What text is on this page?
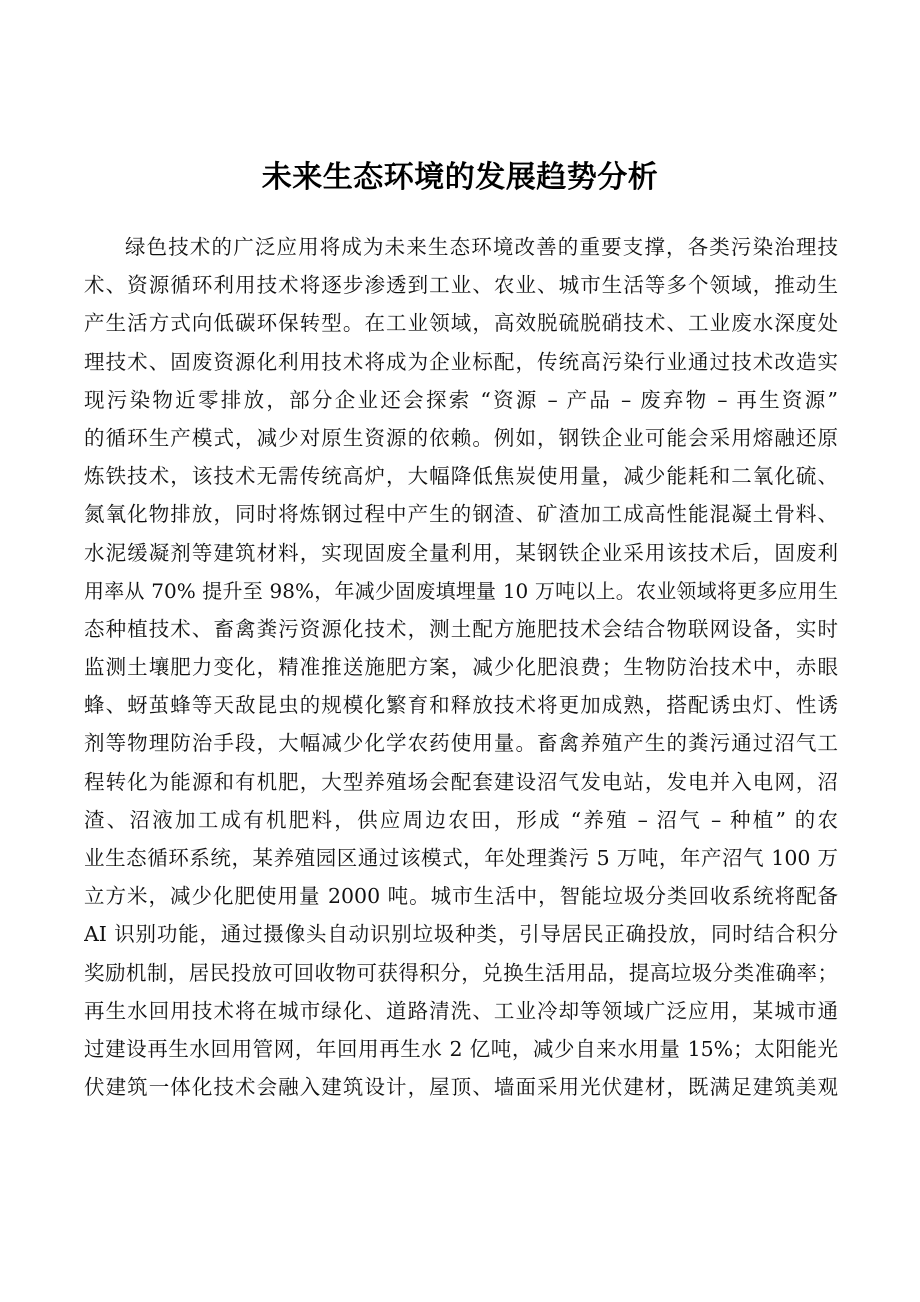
未来生态环境的发展趋势分析
绿色技术的广泛应用将成为未来生态环境改善的重要支撑，各类污染治理技
术、资源循环利用技术将逐步渗透到工业、农业、城市生活等多个领域，推动生
产生活方式向低碳环保转型。在工业领域，高效脱硫脱硝技术、工业废水深度处
理技术、固废资源化利用技术将成为企业标配，传统高污染行业通过技术改造实
现污染物近零排放，部分企业还会探索 “资源 – 产品 – 废弃物 – 再生资源”
的循环生产模式，减少对原生资源的依赖。例如，钢铁企业可能会采用熔融还原
炼铁技术，该技术无需传统高炉，大幅降低焦炭使用量，减少能耗和二氧化硫、
氮氧化物排放，同时将炼钢过程中产生的钢渣、矿渣加工成高性能混凝土骨料、
水泥缓凝剂等建筑材料，实现固废全量利用，某钢铁企业采用该技术后，固废利
用率从 70% 提升至 98%，年减少固废填埋量 10 万吨以上。农业领域将更多应用生
态种植技术、畜禽粪污资源化技术，测土配方施肥技术会结合物联网设备，实时
监测土壤肥力变化，精准推送施肥方案，减少化肥浪费；生物防治技术中，赤眼
蜂、蚜茧蜂等天敌昆虫的规模化繁育和释放技术将更加成熟，搭配诱虫灯、性诱
剂等物理防治手段，大幅减少化学农药使用量。畜禽养殖产生的粪污通过沼气工
程转化为能源和有机肥，大型养殖场会配套建设沼气发电站，发电并入电网，沼
渣、沼液加工成有机肥料，供应周边农田，形成 “养殖 – 沼气 – 种植” 的农
业生态循环系统，某养殖园区通过该模式，年处理粪污 5 万吨，年产沼气 100 万
立方米，减少化肥使用量 2000 吨。城市生活中，智能垃圾分类回收系统将配备
AI 识别功能，通过摄像头自动识别垃圾种类，引导居民正确投放，同时结合积分
奖励机制，居民投放可回收物可获得积分，兑换生活用品，提高垃圾分类准确率；
再生水回用技术将在城市绿化、道路清洗、工业冷却等领域广泛应用，某城市通
过建设再生水回用管网，年回用再生水 2 亿吨，减少自来水用量 15%；太阳能光
伏建筑一体化技术会融入建筑设计，屋顶、墙面采用光伏建材，既满足建筑美观
